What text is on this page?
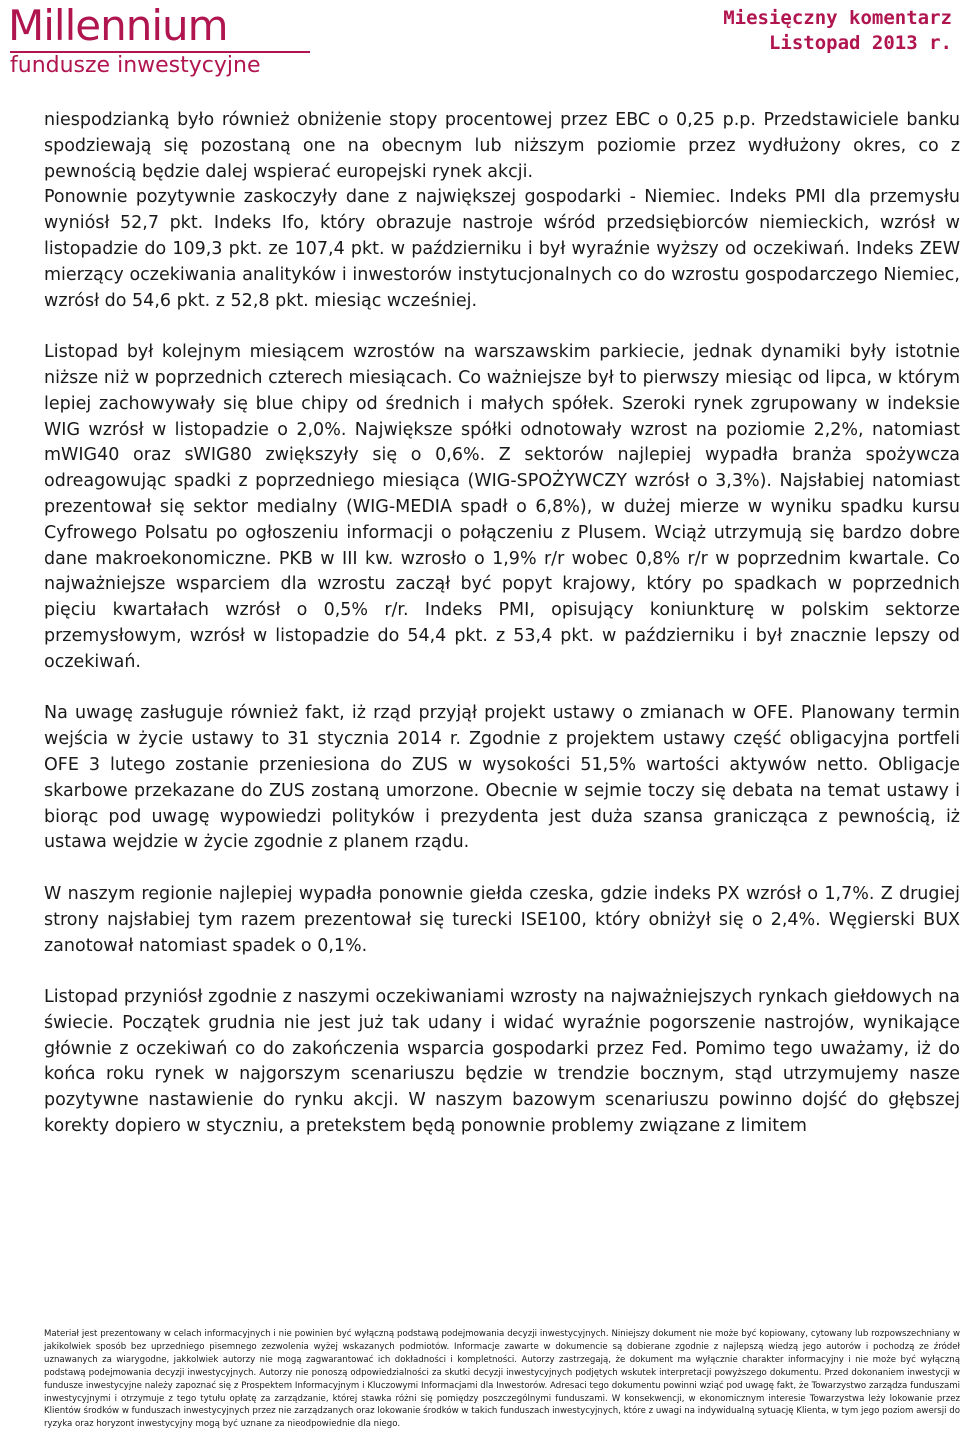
Millennium
fundusze inwestycyjne
Miesięczny komentarz
Listopad 2013 r.

niespodzianką było również obniżenie stopy procentowej przez EBC o 0,25 p.p. Przedstawiciele banku spodziewają się pozostaną one na obecnym lub niższym poziomie przez wydłużony okres, co z pewnością będzie dalej wspierać europejski rynek akcji.

Ponownie pozytywnie zaskoczyły dane z największej gospodarki - Niemiec. Indeks PMI dla przemysłu wyniósł 52,7 pkt. Indeks Ifo, który obrazuje nastroje wśród przedsiębiorców niemieckich, wzrósł w listopadzie do 109,3 pkt. ze 107,4 pkt. w październiku i był wyraźnie wyższy od oczekiwań. Indeks ZEW mierzący oczekiwania analityków i inwestorów instytucjonalnych co do wzrostu gospodarczego Niemiec, wzrósł do 54,6 pkt. z 52,8 pkt. miesiąc wcześniej.

Listopad był kolejnym miesiącem wzrostów na warszawskim parkiecie, jednak dynamiki były istotnie niższe niż w poprzednich czterech miesiącach. Co ważniejsze był to pierwszy miesiąc od lipca, w którym lepiej zachowywały się blue chipy od średnich i małych spółek. Szeroki rynek zgrupowany w indeksie WIG wzrósł w listopadzie o 2,0%. Największe spółki odnotowały wzrost na poziomie 2,2%, natomiast mWIG40 oraz sWIG80 zwiększyły się o 0,6%. Z sektorów najlepiej wypadła branża spożywcza odreagowując spadki z poprzedniego miesiąca (WIG-SPOŻYWCZY wzrósł o 3,3%). Najsłabiej natomiast prezentował się sektor medialny (WIG-MEDIA spadł o 6,8%), w dużej mierze w wyniku spadku kursu Cyfrowego Polsatu po ogłoszeniu informacji o połączeniu z Plusem. Wciąż utrzymują się bardzo dobre dane makroekonomiczne. PKB w III kw. wzrosło o 1,9% r/r wobec 0,8% r/r w poprzednim kwartale. Co najważniejsze wsparciem dla wzrostu zaczął być popyt krajowy, który po spadkach w poprzednich pięciu kwartałach wzrósł o 0,5% r/r. Indeks PMI, opisujący koniunkturę w polskim sektorze przemysłowym, wzrósł w listopadzie do 54,4 pkt. z 53,4 pkt. w październiku i był znacznie lepszy od oczekiwań.

Na uwagę zasługuje również fakt, iż rząd przyjął projekt ustawy o zmianach w OFE. Planowany termin wejścia w życie ustawy to 31 stycznia 2014 r. Zgodnie z projektem ustawy część obligacyjna portfeli OFE 3 lutego zostanie przeniesiona do ZUS w wysokości 51,5% wartości aktywów netto. Obligacje skarbowe przekazane do ZUS zostaną umorzone. Obecnie w sejmie toczy się debata na temat ustawy i biorąc pod uwagę wypowiedzi polityków i prezydenta jest duża szansa granicząca z pewnością, iż ustawa wejdzie w życie zgodnie z planem rządu.

W naszym regionie najlepiej wypadła ponownie giełda czeska, gdzie indeks PX wzrósł o 1,7%. Z drugiej strony najsłabiej tym razem prezentował się turecki ISE100, który obniżył się o 2,4%. Węgierski BUX zanotował natomiast spadek o 0,1%.

Listopad przyniósł zgodnie z naszymi oczekiwaniami wzrosty na najważniejszych rynkach giełdowych na świecie. Początek grudnia nie jest już tak udany i widać wyraźnie pogorszenie nastrojów, wynikające głównie z oczekiwań co do zakończenia wsparcia gospodarki przez Fed. Pomimo tego uważamy, iż do końca roku rynek w najgorszym scenariuszu będzie w trendzie bocznym, stąd utrzymujemy nasze pozytywne nastawienie do rynku akcji. W naszym bazowym scenariuszu powinno dojść do głębszej korekty dopiero w styczniu, a pretekstem będą ponownie problemy związane z limitem

Materiał jest prezentowany w celach informacyjnych i nie powinien być wyłączną podstawą podejmowania decyzji inwestycyjnych. Niniejszy dokument nie może być kopiowany, cytowany lub rozpowszechniany w jakikolwiek sposób bez uprzedniego pisemnego zezwolenia wyżej wskazanych podmiotów. Informacje zawarte w dokumencie są dobierane zgodnie z najlepszą wiedzą jego autorów i pochodzą ze źródeł uznawanych za wiarygodne, jakkolwiek autorzy nie mogą zagwarantować ich dokładności i kompletności. Autorzy zastrzegają, że dokument ma wyłącznie charakter informacyjny i nie może być wyłączną podstawą podejmowania decyzji inwestycyjnych. Autorzy nie ponoszą odpowiedzialności za skutki decyzji inwestycyjnych podjętych wskutek interpretacji powyższego dokumentu. Przed dokonaniem inwestycji w fundusze inwestycyjne należy zapoznać się z Prospektem Informacyjnym i Kluczowymi Informacjami dla Inwestorów. Adresaci tego dokumentu powinni wziąć pod uwagę fakt, że Towarzystwo zarządza funduszami inwestycyjnymi i otrzymuje z tego tytułu opłatę za zarządzanie, której stawka różni się pomiędzy poszczególnymi funduszami. W konsekwencji, w ekonomicznym interesie Towarzystwa leży lokowanie przez Klientów środków w funduszach inwestycyjnych przez nie zarządzanych oraz lokowanie środków w takich funduszach inwestycyjnych, które z uwagi na indywidualną sytuację Klienta, w tym jego poziom awersji do ryzyka oraz horyzont inwestycyjny mogą być uznane za nieodpowiednie dla niego.
